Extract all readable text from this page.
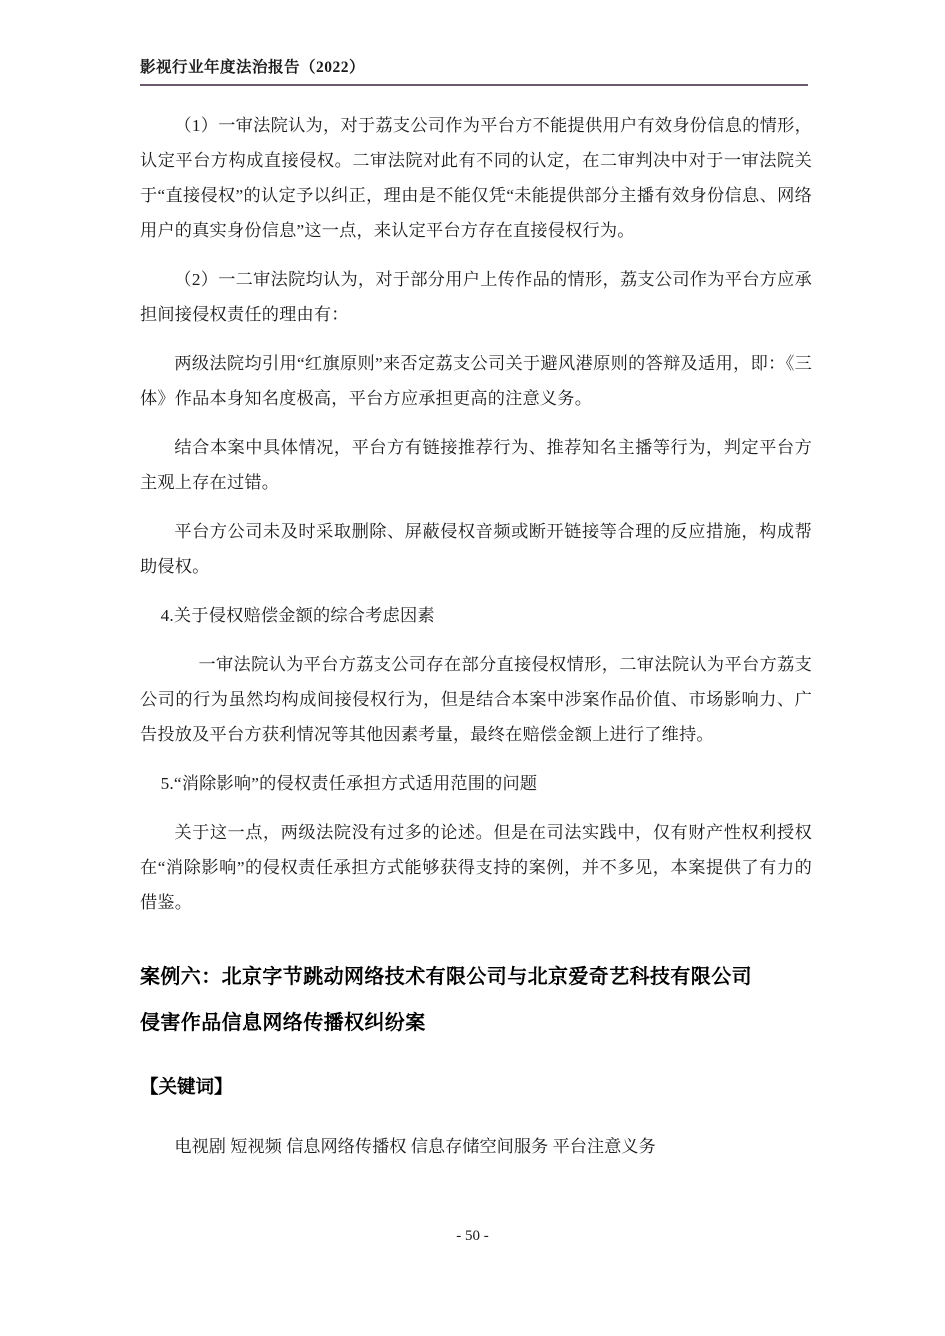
影视行业年度法治报告（2022）

（1）一审法院认为，对于荔支公司作为平台方不能提供用户有效身份信息的情形，认定平台方构成直接侵权。二审法院对此有不同的认定，在二审判决中对于一审法院关于“直接侵权”的认定予以纠正，理由是不能仅凭“未能提供部分主播有效身份信息、网络用户的真实身份信息”这一点，来认定平台方存在直接侵权行为。

（2）一二审法院均认为，对于部分用户上传作品的情形，荔支公司作为平台方应承担间接侵权责任的理由有：

两级法院均引用“红旗原则”来否定荔支公司关于避风港原则的答辩及适用，即：《三体》作品本身知名度极高，平台方应承担更高的注意义务。

结合本案中具体情况，平台方有链接推荐行为、推荐知名主播等行为，判定平台方主观上存在过错。

平台方公司未及时采取删除、屏蔽侵权音频或断开链接等合理的反应措施，构成帮助侵权。

4.关于侵权赔偿金额的综合考虑因素

一审法院认为平台方荔支公司存在部分直接侵权情形，二审法院认为平台方荔支公司的行为虽然均构成间接侵权行为，但是结合本案中涉案作品价值、市场影响力、广告投放及平台方获利情况等其他因素考量，最终在赔偿金额上进行了维持。

5.“消除影响”的侵权责任承担方式适用范围的问题

关于这一点，两级法院没有过多的论述。但是在司法实践中，仅有财产性权利授权在“消除影响”的侵权责任承担方式能够获得支持的案例，并不多见，本案提供了有力的借鉴。

案例六：北京字节跳动网络技术有限公司与北京爱奇艺科技有限公司
侵害作品信息网络传播权纠纷案
【关键词】

电视剧 短视频 信息网络传播权 信息存储空间服务 平台注意义务

- 50 -
